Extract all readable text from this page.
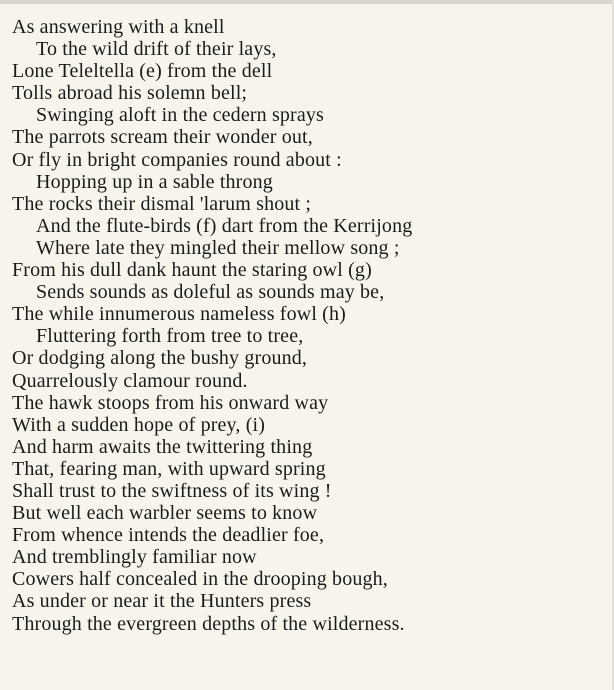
As answering with a knell
To the wild drift of their lays,
Lone Teleltella (e) from the dell
Tolls abroad his solemn bell;
Swinging aloft in the cedern sprays
The parrots scream their wonder out,
Or fly in bright companies round about :
Hopping up in a sable throng
The rocks their dismal 'larum shout ;
And the flute-birds (f) dart from the Kerrijong
Where late they mingled their mellow song ;
From his dull dank haunt the staring owl (g)
Sends sounds as doleful as sounds may be,
The while innumerous nameless fowl (h)
Fluttering forth from tree to tree,
Or dodging along the bushy ground,
Quarrelously clamour round.
The hawk stoops from his onward way
With a sudden hope of prey, (i)
And harm awaits the twittering thing
That, fearing man, with upward spring
Shall trust to the swiftness of its wing !
But well each warbler seems to know
From whence intends the deadlier foe,
And tremblingly familiar now
Cowers half concealed in the drooping bough,
As under or near it the Hunters press
Through the evergreen depths of the wilderness.
